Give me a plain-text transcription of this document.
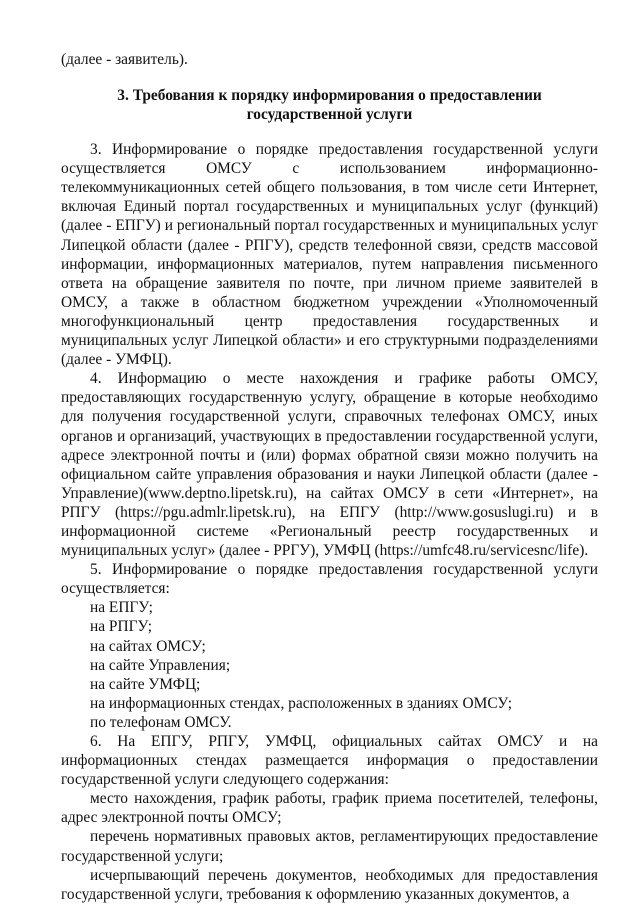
(далее - заявитель).

3. Требования к порядку информирования о предоставлении государственной услуги

3. Информирование о порядке предоставления государственной услуги осуществляется ОМСУ с использованием информационно-телекоммуникационных сетей общего пользования, в том числе сети Интернет, включая Единый портал государственных и муниципальных услуг (функций) (далее - ЕПГУ) и региональный портал государственных и муниципальных услуг Липецкой области (далее - РПГУ), средств телефонной связи, средств массовой информации, информационных материалов, путем направления письменного ответа на обращение заявителя по почте, при личном приеме заявителей в ОМСУ, а также в областном бюджетном учреждении «Уполномоченный многофункциональный центр предоставления государственных и муниципальных услуг Липецкой области» и его структурными подразделениями (далее - УМФЦ).

4. Информацию о месте нахождения и графике работы ОМСУ, предоставляющих государственную услугу, обращение в которые необходимо для получения государственной услуги, справочных телефонах ОМСУ, иных органов и организаций, участвующих в предоставлении государственной услуги, адресе электронной почты и (или) формах обратной связи можно получить на официальном сайте управления образования и науки Липецкой области (далее - Управление)(www.deptno.lipetsk.ru), на сайтах ОМСУ в сети «Интернет», на РПГУ (https://pgu.admlr.lipetsk.ru), на ЕПГУ (http://www.gosuslugi.ru) и в информационной системе «Региональный реестр государственных и муниципальных услуг» (далее - РРГУ), УМФЦ (https://umfc48.ru/servicesnc/life).

5. Информирование о порядке предоставления государственной услуги осуществляется:

на ЕПГУ;

на РПГУ;

на сайтах ОМСУ;

на сайте Управления;

на сайте УМФЦ;

на информационных стендах, расположенных в зданиях ОМСУ;

по телефонам ОМСУ.

6. На ЕПГУ, РПГУ, УМФЦ, официальных сайтах ОМСУ и на информационных стендах размещается информация о предоставлении государственной услуги следующего содержания:

место нахождения, график работы, график приема посетителей, телефоны, адрес электронной почты ОМСУ;

перечень нормативных правовых актов, регламентирующих предоставление государственной услуги;

исчерпывающий перечень документов, необходимых для предоставления государственной услуги, требования к оформлению указанных документов, а
